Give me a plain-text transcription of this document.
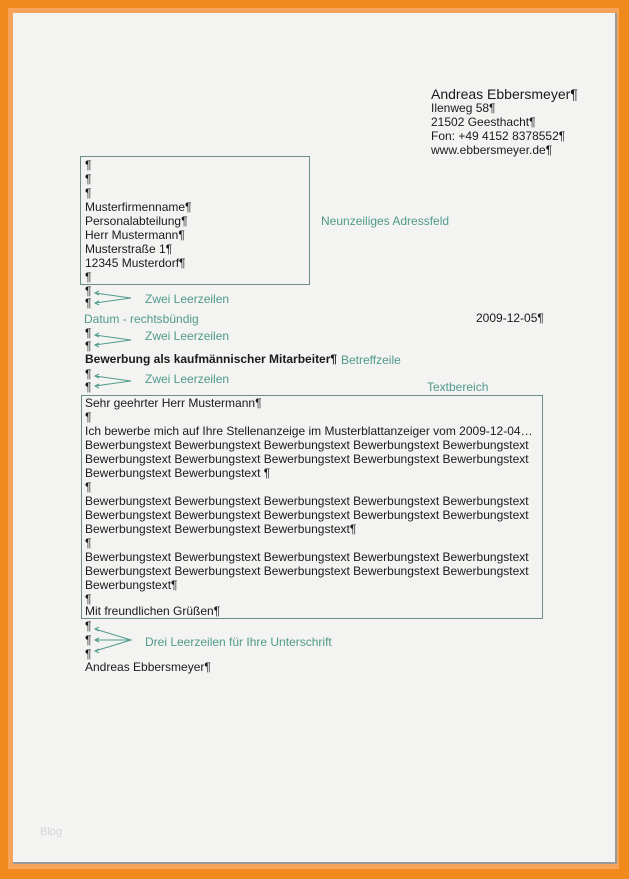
Andreas Ebbersmeyer¶
Ilenweg 58¶
21502 Geesthacht¶
Fon: +49 4152 8378552¶
www.ebbersmeyer.de¶
¶
¶
¶
Musterfirmenname¶
Personalabteilung¶
Herr Mustermann¶
Musterstraße 1¶
12345 Musterdorf¶
¶
Neunzeiliges Adressfeld
¶
¶	Zwei Leerzeilen
Datum - rechtsbündig	2009-12-05¶
¶
¶
Zwei Leerzeilen
Bewerbung als kaufmännischer Mitarbeiter¶ Betreffzeile
¶
¶
Zwei Leerzeilen
Textbereich
Sehr geehrter Herr Mustermann¶
¶
Ich bewerbe mich auf Ihre Stellenanzeige im Musterblattanzeiger vom 2009-12-04…
Bewerbungstext Bewerbungstext Bewerbungstext Bewerbungstext Bewerbungstext
Bewerbungstext Bewerbungstext Bewerbungstext Bewerbungstext Bewerbungstext
Bewerbungstext Bewerbungstext ¶
¶
Bewerbungstext Bewerbungstext Bewerbungstext Bewerbungstext Bewerbungstext
Bewerbungstext Bewerbungstext Bewerbungstext Bewerbungstext Bewerbungstext
Bewerbungstext Bewerbungstext Bewerbungstext¶
¶
Bewerbungstext Bewerbungstext Bewerbungstext Bewerbungstext Bewerbungstext
Bewerbungstext Bewerbungstext Bewerbungstext Bewerbungstext Bewerbungstext
Bewerbungstext¶
¶
Mit freundlichen Grüßen¶
¶
¶
¶
Drei Leerzeilen für Ihre Unterschrift
Andreas Ebbersmeyer¶
Blog
